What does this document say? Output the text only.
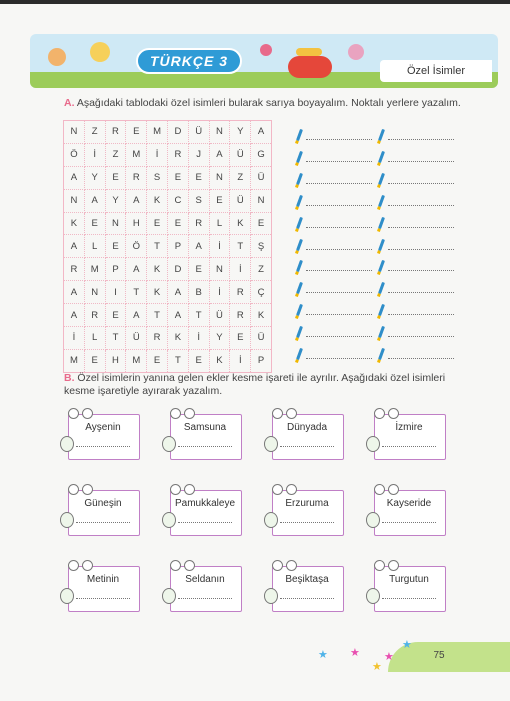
TÜRKÇE 3
Özel İsimler
A. Aşağıdaki tablodaki özel isimleri bularak sarıya boyayalım. Noktalı yerlere yazalım.
N	Z	R	E	M	D	Ü	N	Y	A
Ö	İ	Z	M	İ	R	J	A	Ü	G
A	Y	E	R	S	E	E	N	Z	Ü
N	A	Y	A	K	C	S	E	Ü	N
K	E	N	H	E	E	R	L	K	E
A	L	E	Ö	T	P	A	İ	T	Ş
R	M	P	A	K	D	E	N	İ	Z
A	N	I	T	K	A	B	İ	R	Ç
A	R	E	A	T	A	T	Ü	R	K
İ	L	T	Ü	R	K	İ	Y	E	Ü
M	E	H	M	E	T	E	K	İ	P
B. Özel isimlerin yanına gelen ekler kesme işareti ile ayrılır. Aşağıdaki özel isimleri
kesme işaretiyle ayırarak yazalım.
Ayşenin	Samsuna	Dünyada	İzmire
Güneşin	Pamukkaleye	Erzuruma	Kayseride
Metinin	Seldanın	Beşiktaşa	Turgutun
75
★ ★
★
★
★
